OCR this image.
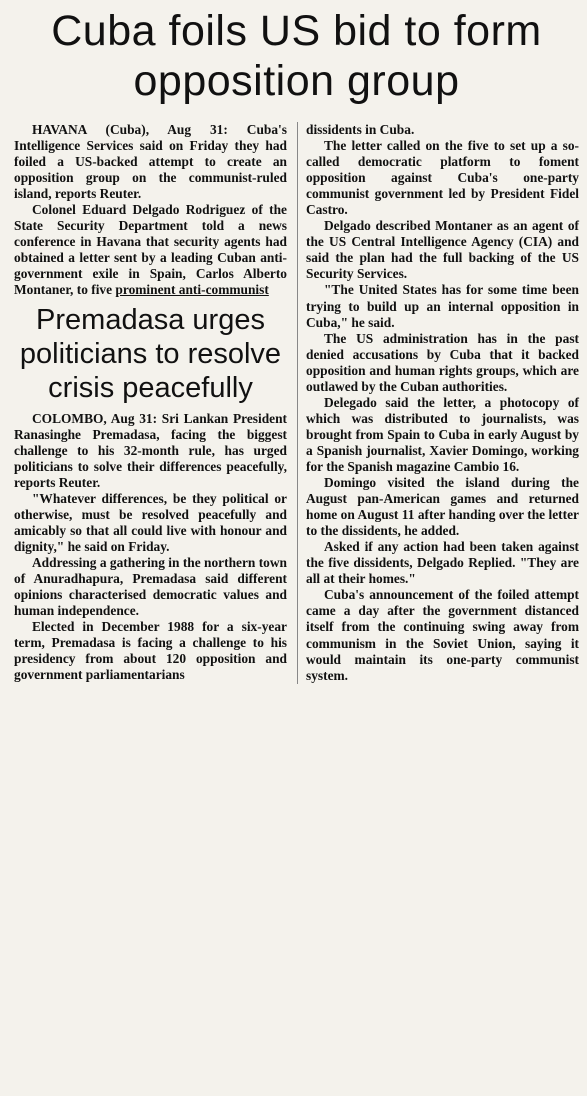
Cuba foils US bid to form opposition group

HAVANA (Cuba), Aug 31: Cuba's Intelligence Services said on Friday they had foiled a US-backed attempt to create an opposition group on the communist-ruled island, reports Reuter.

Colonel Eduard Delgado Rodriguez of the State Security Department told a news conference in Havana that security agents had obtained a letter sent by a leading Cuban anti-government exile in Spain, Carlos Alberto Montaner, to five prominent anti-communist

Premadasa urges politicians to resolve crisis peacefully

COLOMBO, Aug 31: Sri Lankan President Ranasinghe Premadasa, facing the biggest challenge to his 32-month rule, has urged politicians to solve their differences peacefully, reports Reuter.

"Whatever differences, be they political or otherwise, must be resolved peacefully and amicably so that all could live with honour and dignity," he said on Friday.

Addressing a gathering in the northern town of Anuradhapura, Premadasa said different opinions characterised democratic values and human independence.

Elected in December 1988 for a six-year term, Premadasa is facing a challenge to his presidency from about 120 opposition and government parliamentarians

dissidents in Cuba.

The letter called on the five to set up a so-called democratic platform to foment opposition against Cuba's one-party communist government led by President Fidel Castro.

Delgado described Montaner as an agent of the US Central Intelligence Agency (CIA) and said the plan had the full backing of the US Security Services.

"The United States has for some time been trying to build up an internal opposition in Cuba," he said.

The US administration has in the past denied accusations by Cuba that it backed opposition and human rights groups, which are outlawed by the Cuban authorities.

Delegado said the letter, a photocopy of which was distributed to journalists, was brought from Spain to Cuba in early August by a Spanish journalist, Xavier Domingo, working for the Spanish magazine Cambio 16.

Domingo visited the island during the August pan-American games and returned home on August 11 after handing over the letter to the dissidents, he added.

Asked if any action had been taken against the five dissidents, Delgado Replied. "They are all at their homes."

Cuba's announcement of the foiled attempt came a day after the government distanced itself from the continuing swing away from communism in the Soviet Union, saying it would maintain its one-party communist system.
